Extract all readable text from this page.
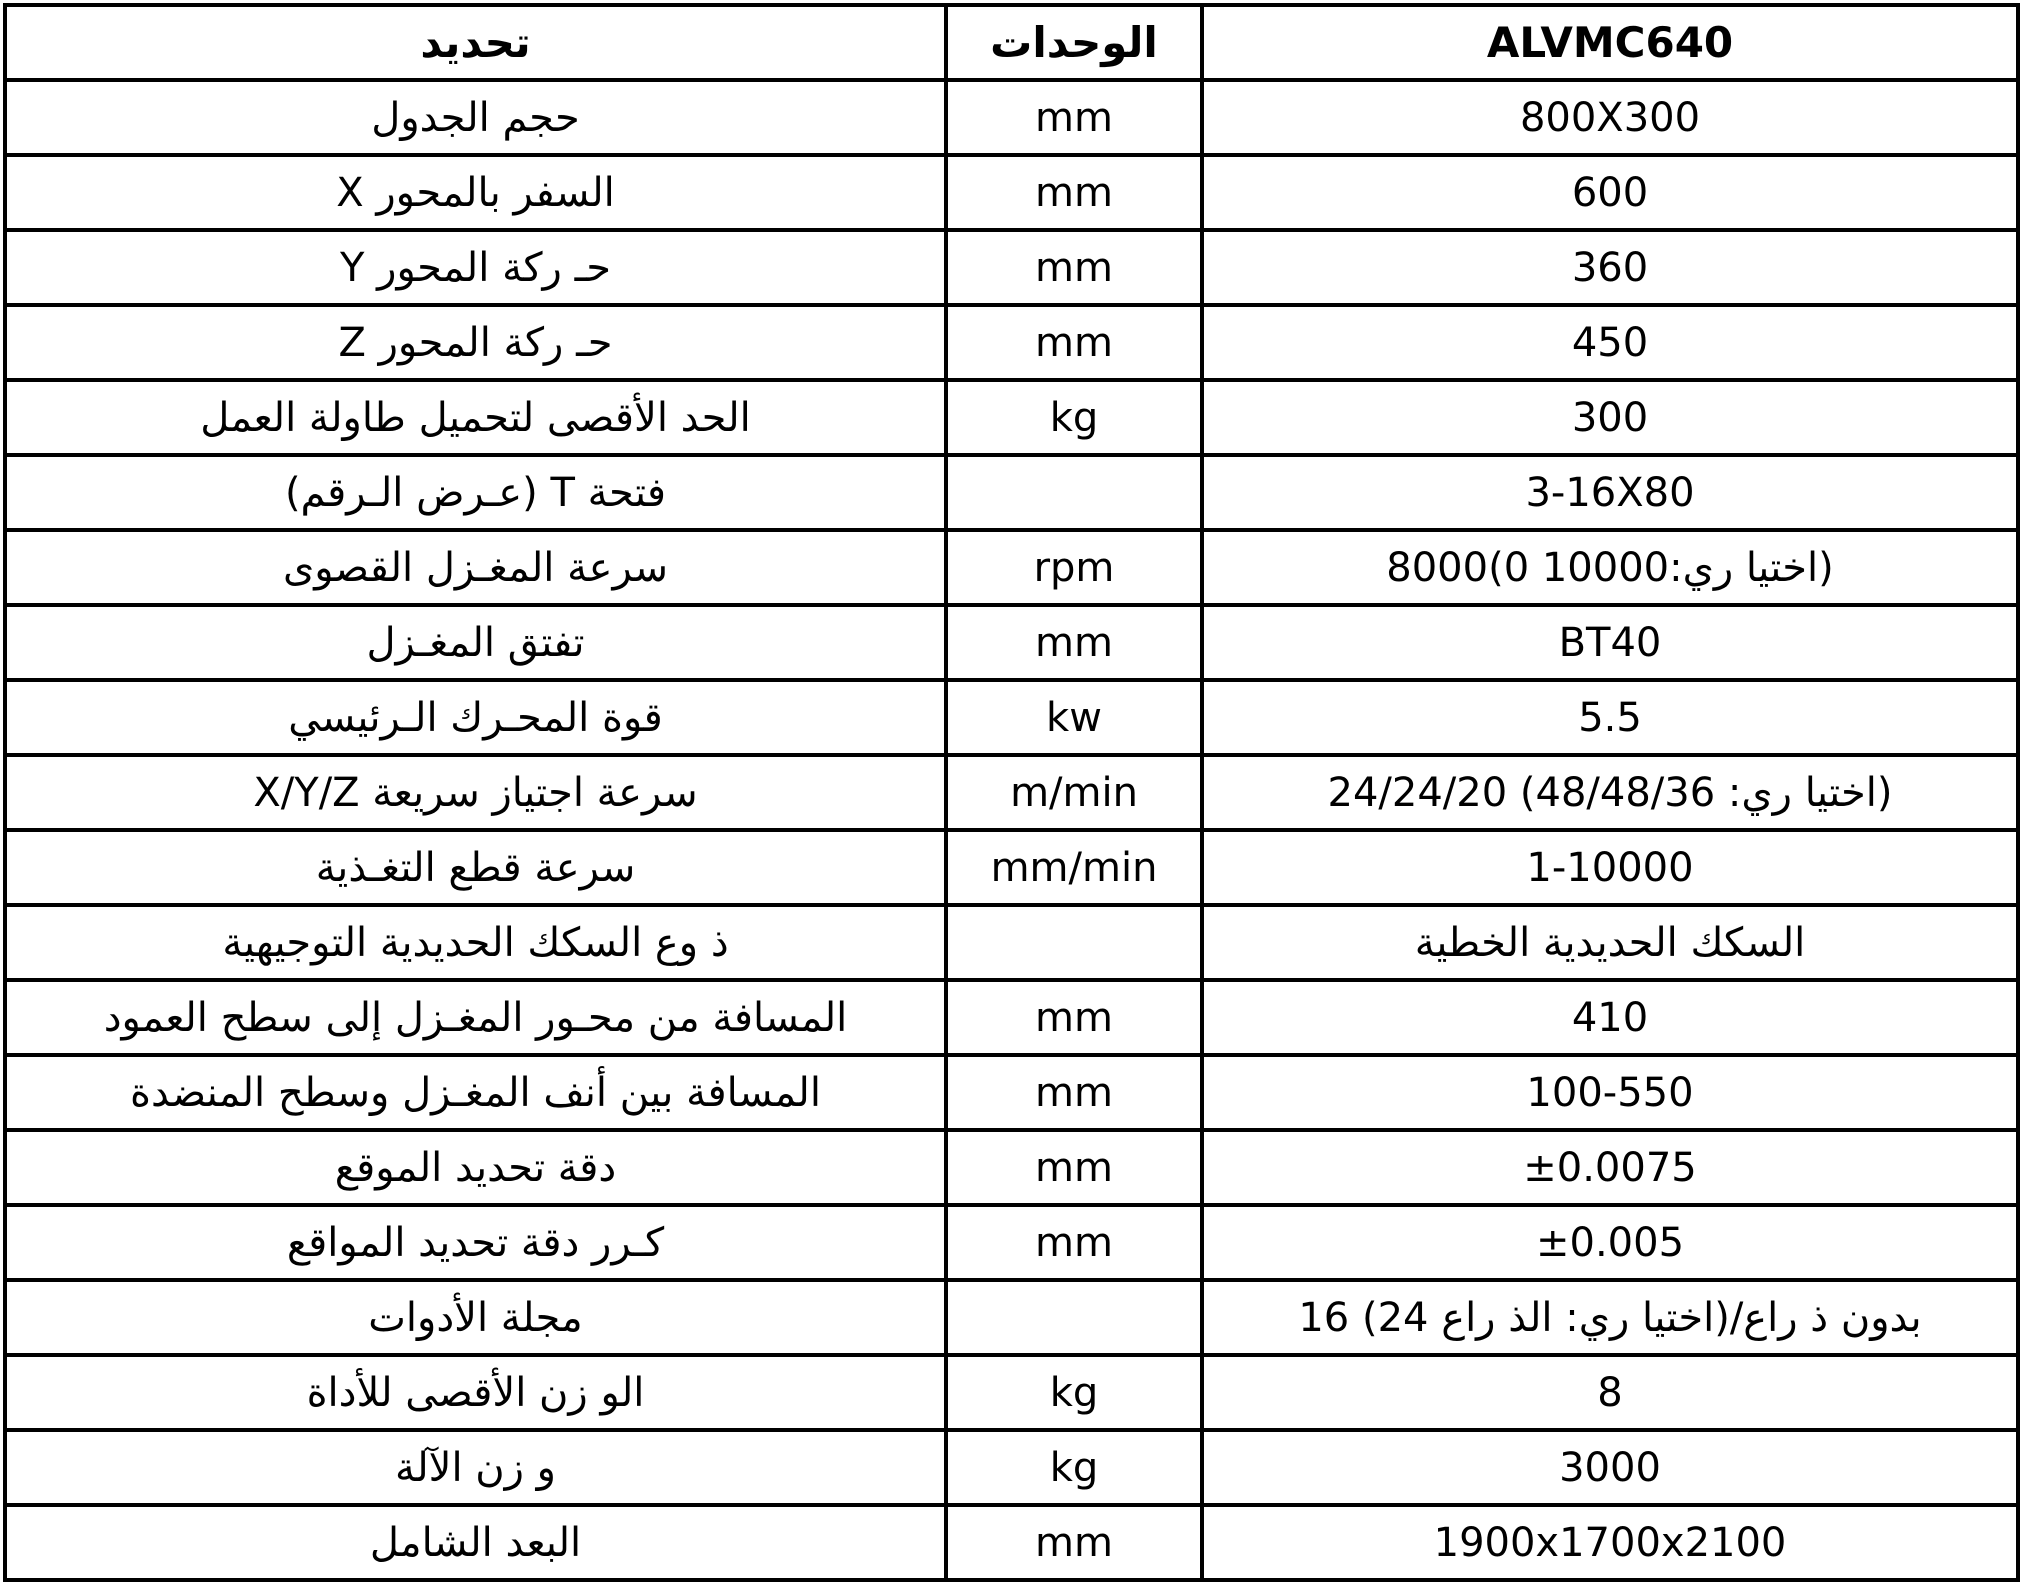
تحديد	الوحدات	ALVMC640
حجم الجدول	mm	800X300
السفر بالمحور X	mm	600
حـ ركة المحور Y	mm	360
حـ ركة المحور Z	mm	450
الحد الأقصى لتحميل طاولة العمل	kg	300
فتحة T (عـرض الـرقم)		3-16X80
سرعة المغـزل القصوى	rpm	(اختيا ري:10000 0)8000
تفتق المغـزل	mm	BT40
قوة المحـرك الـرئيسي	kw	5.5
سرعة اجتياز سريعة X/Y/Z	m/min	(اختيا ري: 48/48/36) 24/24/20
سرعة قطع التغـذية	mm/min	1-10000
ذ وع السكك الحديدية التوجيهية		السكك الحديدية الخطية
المسافة من محـور المغـزل إلى سطح العمود	mm	410
المسافة بين أنف المغـزل وسطح المنضدة	mm	100-550
دقة تحديد الموقع	mm	±0.0075
كـرر دقة تحديد المواقع	mm	±0.005
مجلة الأدوات		بدون ذ راع/(اختيا ري: الذ راع 24) 16
الو زن الأقصى للأداة	kg	8
و زن الآلة	kg	3000
البعد الشامل	mm	1900x1700x2100
